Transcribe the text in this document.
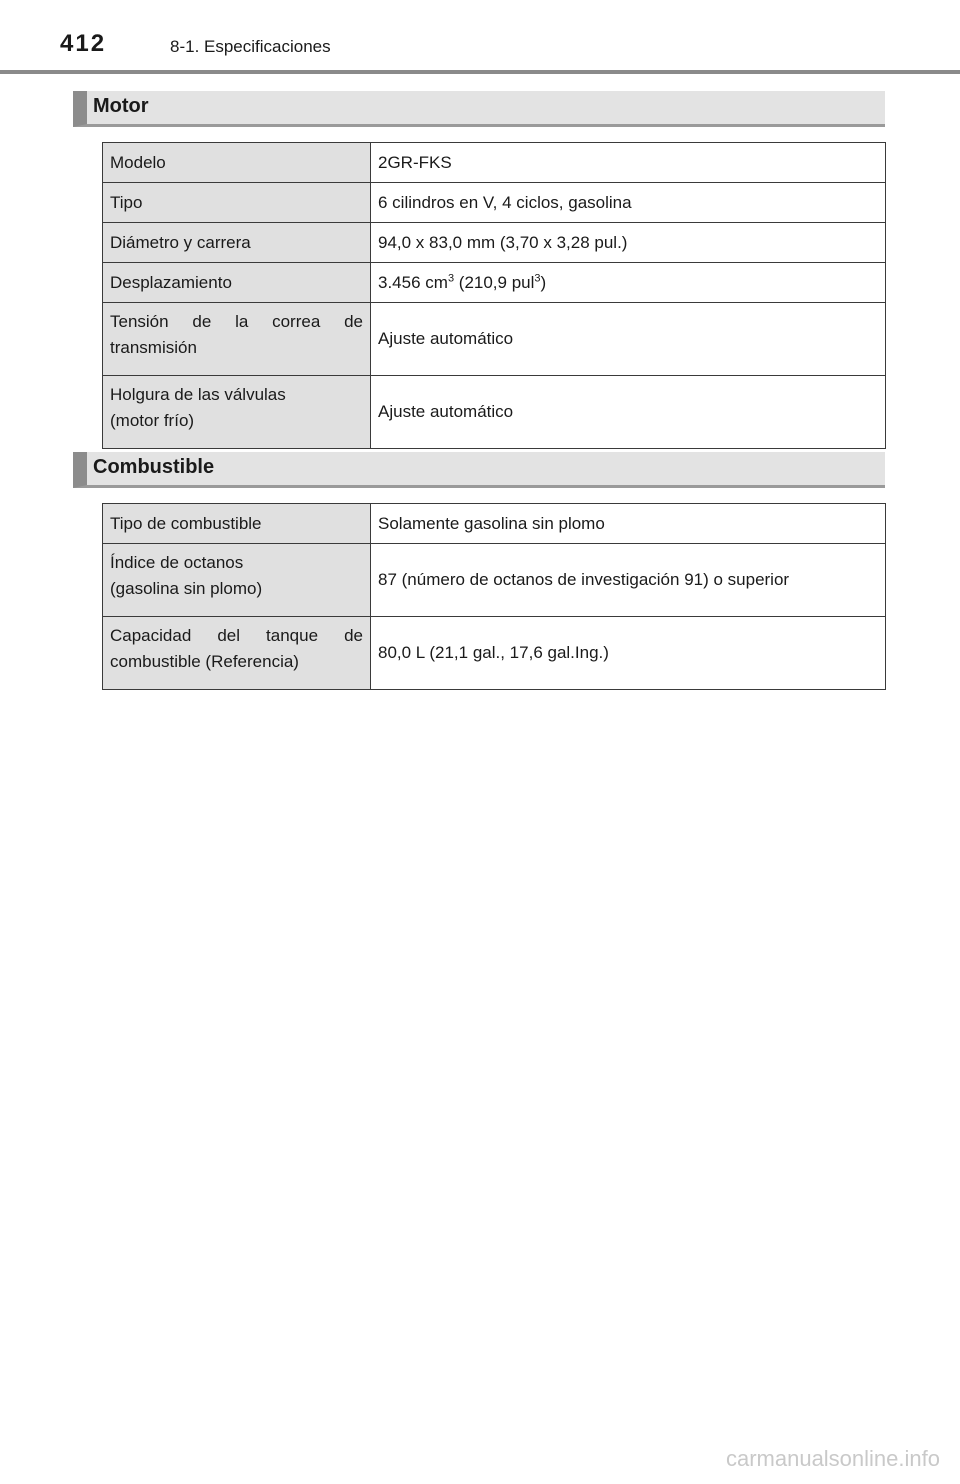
412	8-1. Especificaciones
Motor
Modelo	2GR-FKS
Tipo	6 cilindros en V, 4 ciclos, gasolina
Diámetro y carrera	94,0 x 83,0 mm (3,70 x 3,28 pul.)
Desplazamiento	3.456 $cm^3$ (210,9 pul$^3$)

Tensión de la correa de
transmisión	Ajuste automático

Holgura de las válvulas
(motor frío)	Ajuste automático
Combustible
Tipo de combustible	Solamente gasolina sin plomo

Índice de octanos
(gasolina sin plomo)	87 (número de octanos de investigación 91) o superior

Capacidad del tanque de
combustible (Referencia)	80,0 L (21,1 gal., 17,6 gal.Ing.)
carmanualsonline.info
